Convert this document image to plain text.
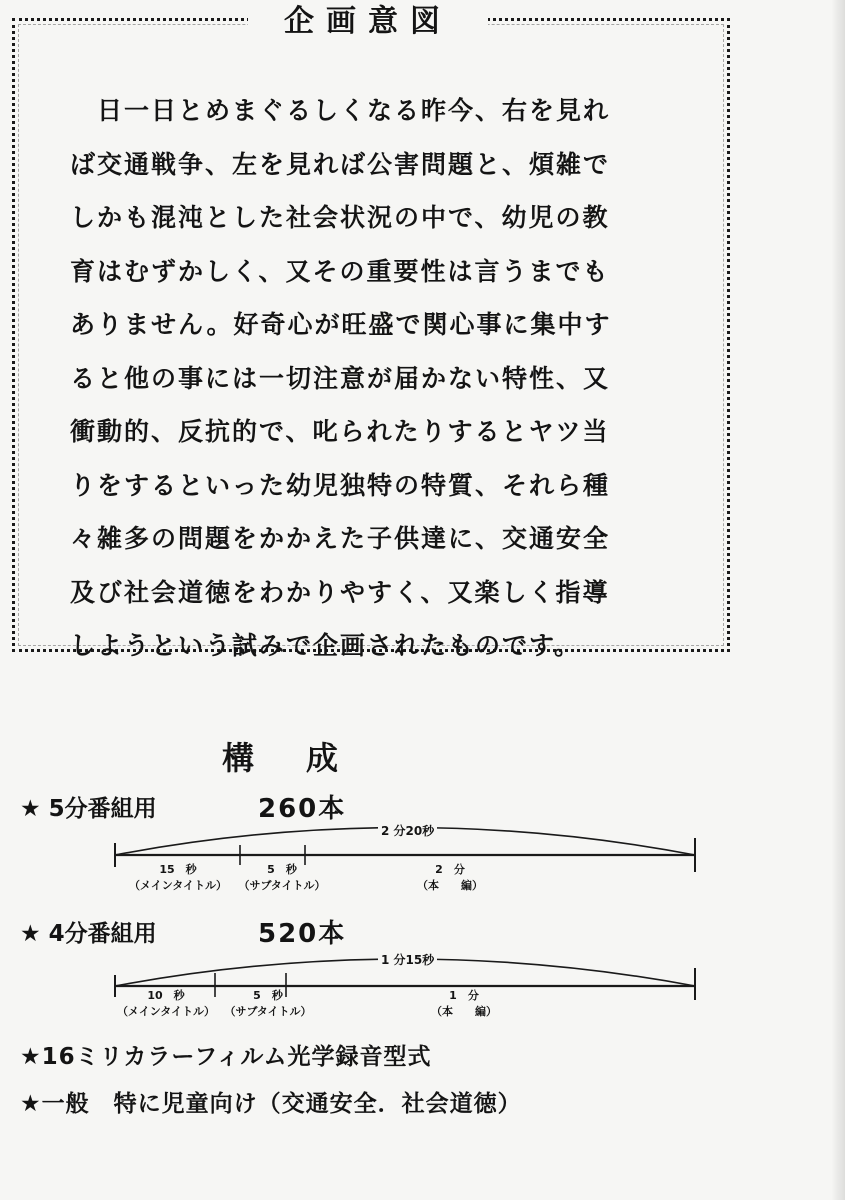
企画意図
　日一日とめまぐるしくなる昨今、右を見れ
ば交通戦争、左を見れば公害問題と、煩雑で
しかも混沌とした社会状況の中で、幼児の教
育はむずかしく、又その重要性は言うまでも
ありません。好奇心が旺盛で関心事に集中す
ると他の事には一切注意が届かない特性、又
衝動的、反抗的で、叱られたりするとヤツ当
りをするといった幼児独特の特質、それら種
々雑多の問題をかかえた子供達に、交通安全
及び社会道徳をわかりやすく、又楽しく指導
しようという試みで企画されたものです。
構成
★ 5分番組用	260本
2 分20秒
15　秒
（メインタイトル）
5　秒
（サブタイトル）
2　分
（本　　編）
★ 4分番組用	520本
1 分15秒
10　秒
（メインタイトル）
5　秒
（サブタイトル）
1　分
（本　　編）
★16ミリカラーフィルム光学録音型式
★一般　特に児童向け（交通安全．社会道徳）
